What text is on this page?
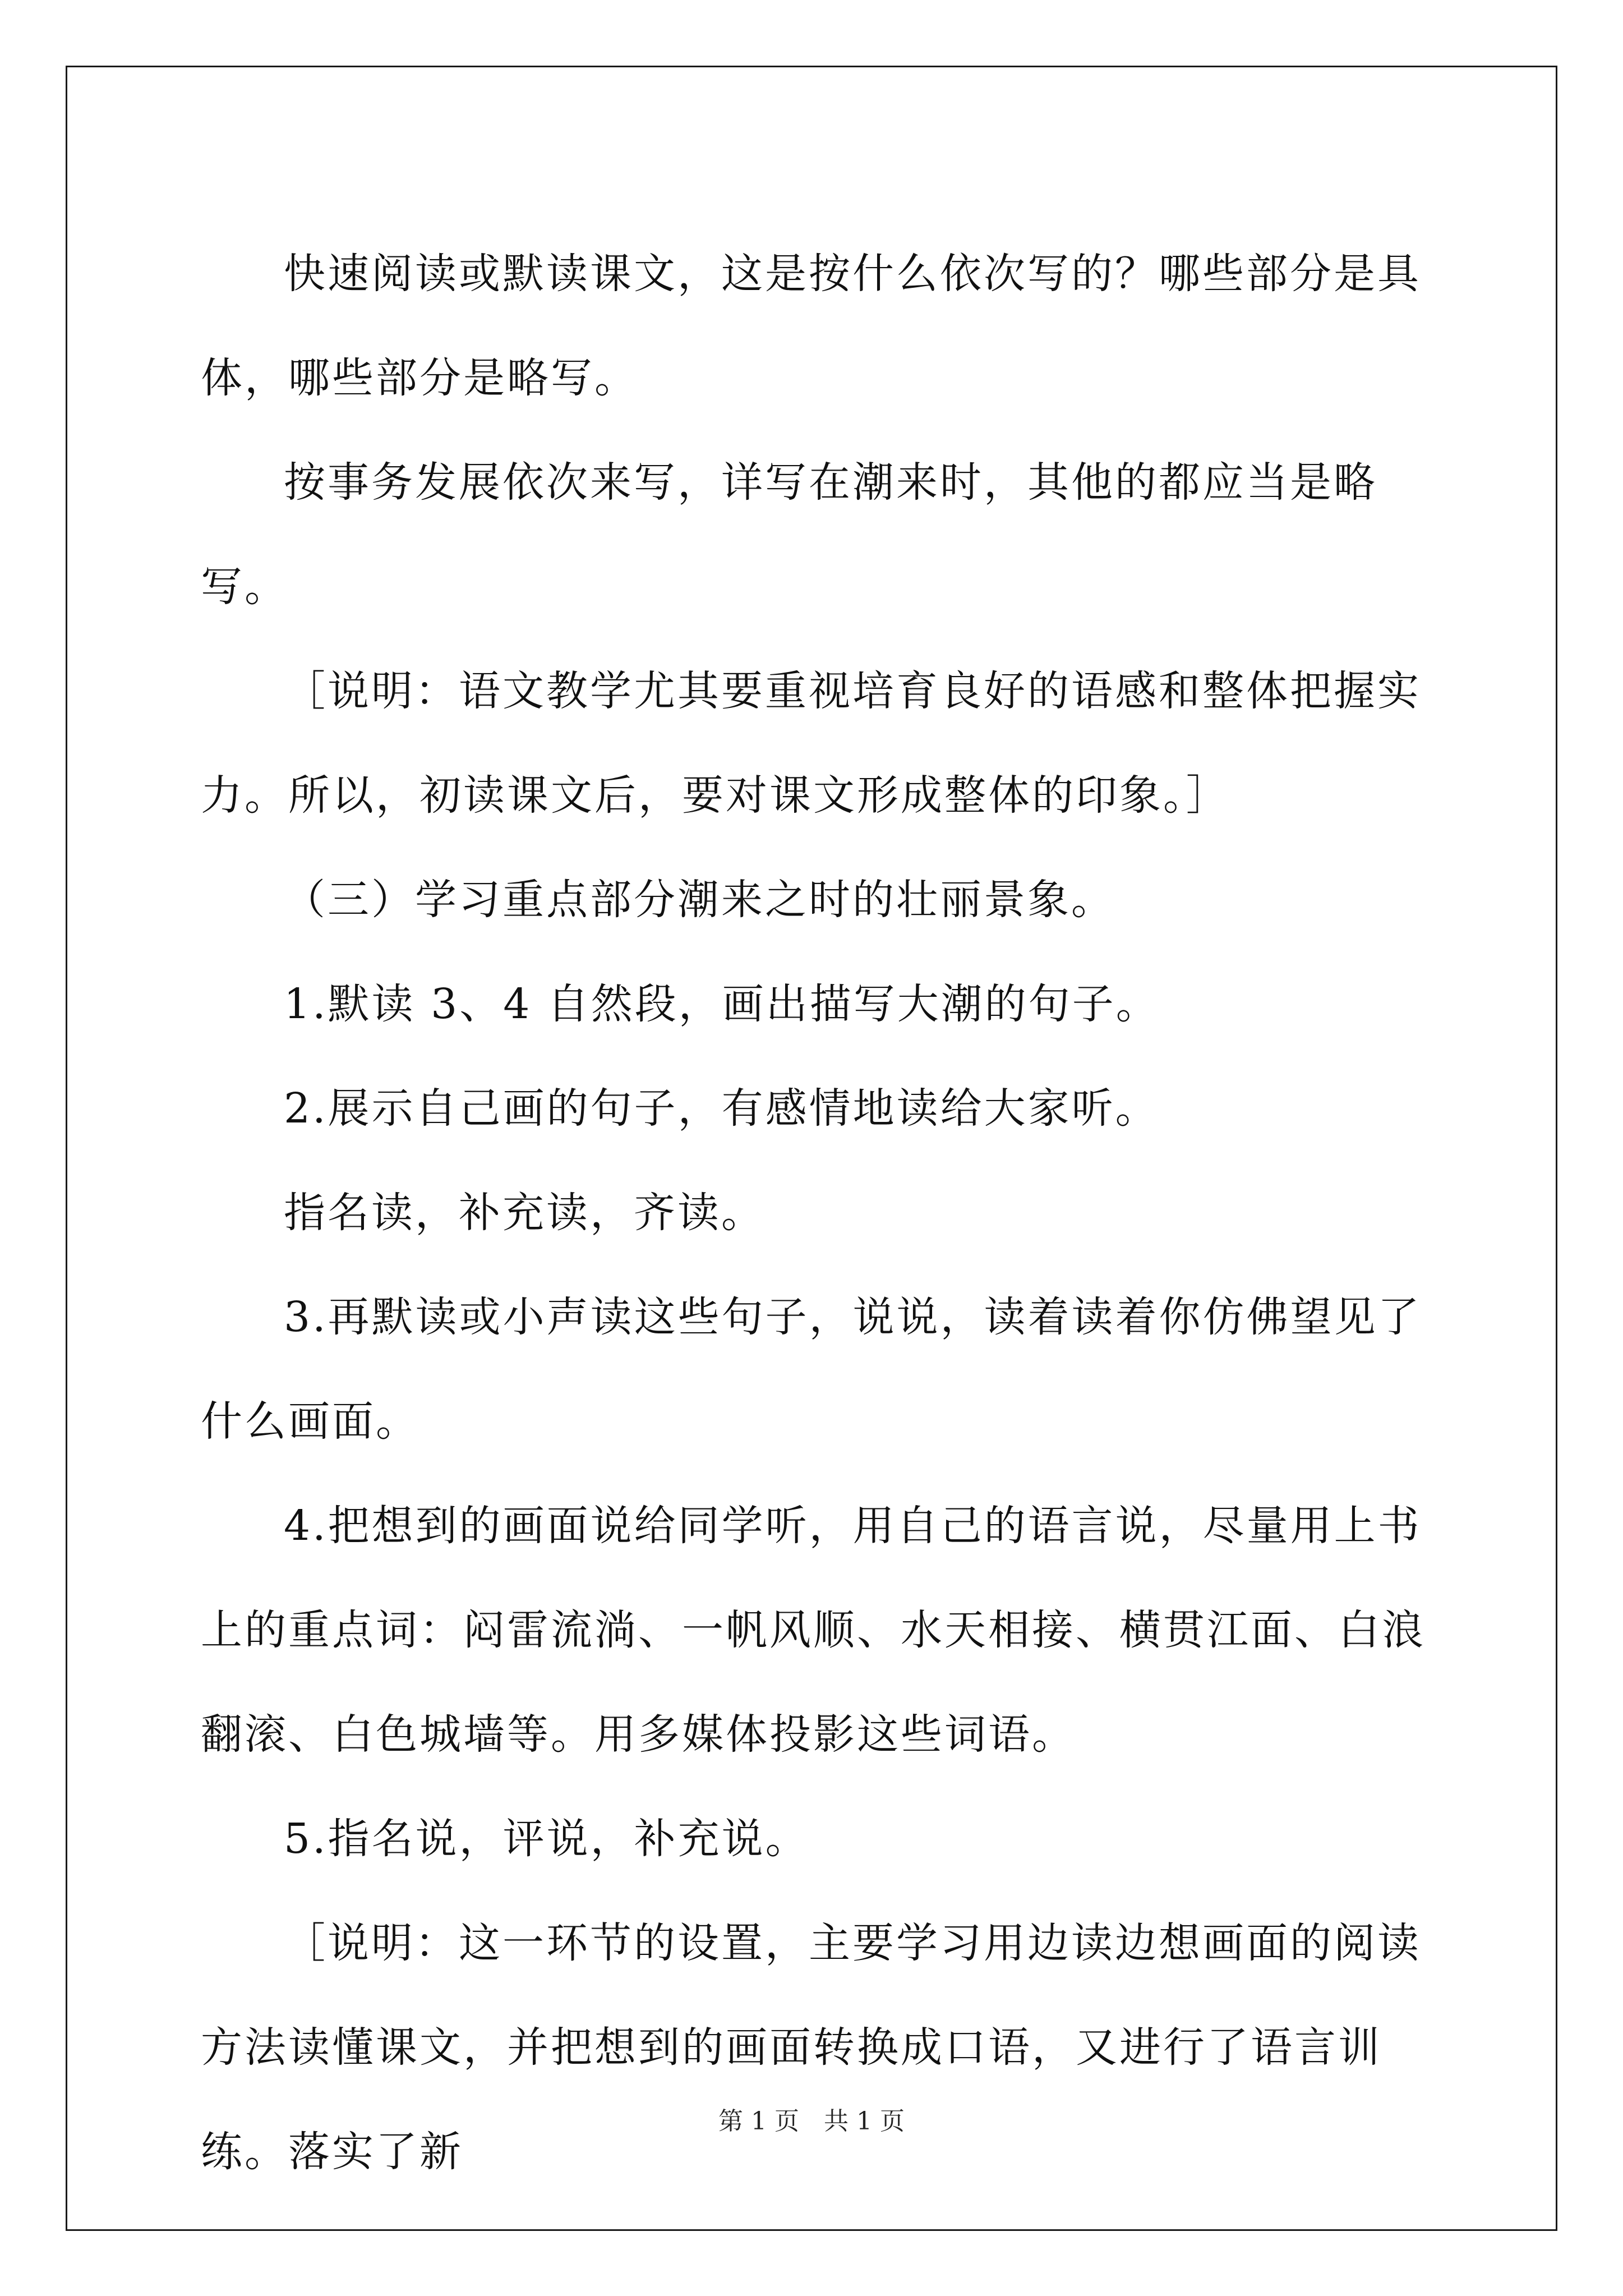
快速阅读或默读课文，这是按什么依次写的？哪些部分是具体，哪些部分是略写。

按事务发展依次来写，详写在潮来时，其他的都应当是略写。

［说明：语文教学尤其要重视培育良好的语感和整体把握实力。所以，初读课文后，要对课文形成整体的印象。］

（三）学习重点部分潮来之时的壮丽景象。

1.默读 3、4 自然段，画出描写大潮的句子。

2.展示自己画的句子，有感情地读给大家听。

指名读，补充读，齐读。

3.再默读或小声读这些句子，说说，读着读着你仿佛望见了什么画面。

4.把想到的画面说给同学听，用自己的语言说，尽量用上书上的重点词：闷雷流淌、一帆风顺、水天相接、横贯江面、白浪翻滚、白色城墙等。用多媒体投影这些词语。

5.指名说，评说，补充说。

［说明：这一环节的设置，主要学习用边读边想画面的阅读方法读懂课文，并把想到的画面转换成口语，又进行了语言训练。落实了新

第 1 页 共 1 页
